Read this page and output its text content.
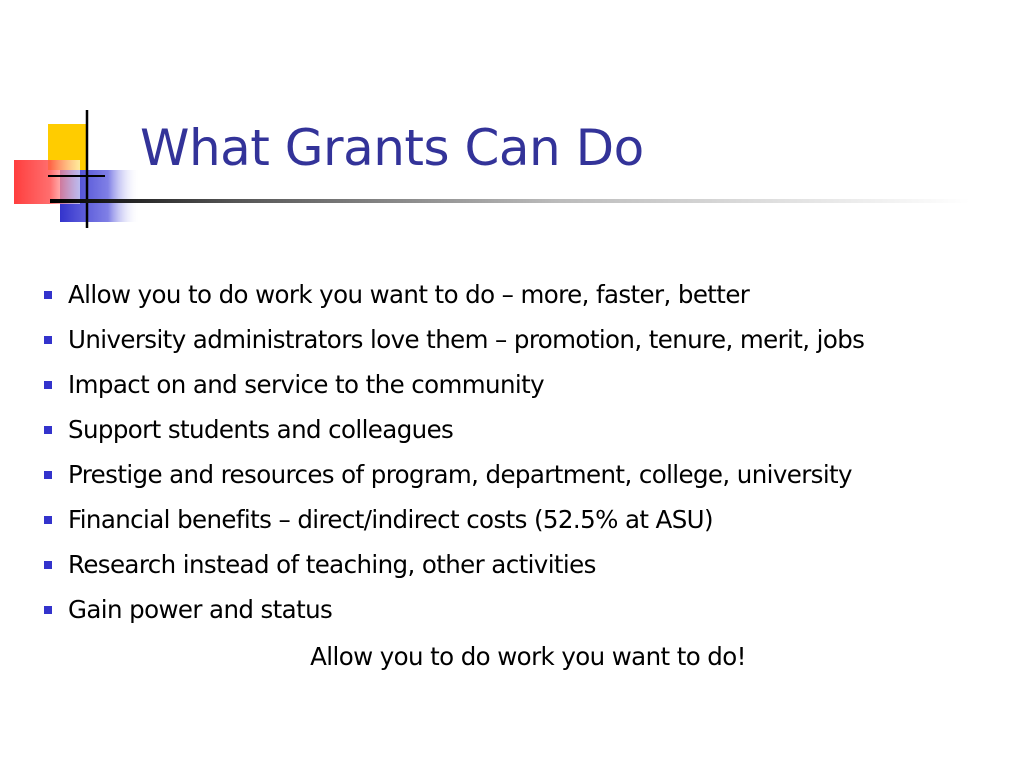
What Grants Can Do
Allow you to do work you want to do – more, faster, better
University administrators love them – promotion, tenure, merit, jobs
Impact on and service to the community
Support students and colleagues
Prestige and resources of program, department, college, university
Financial benefits – direct/indirect costs (52.5% at ASU)
Research instead of teaching, other activities
Gain power and status
Allow you to do work you want to do!
